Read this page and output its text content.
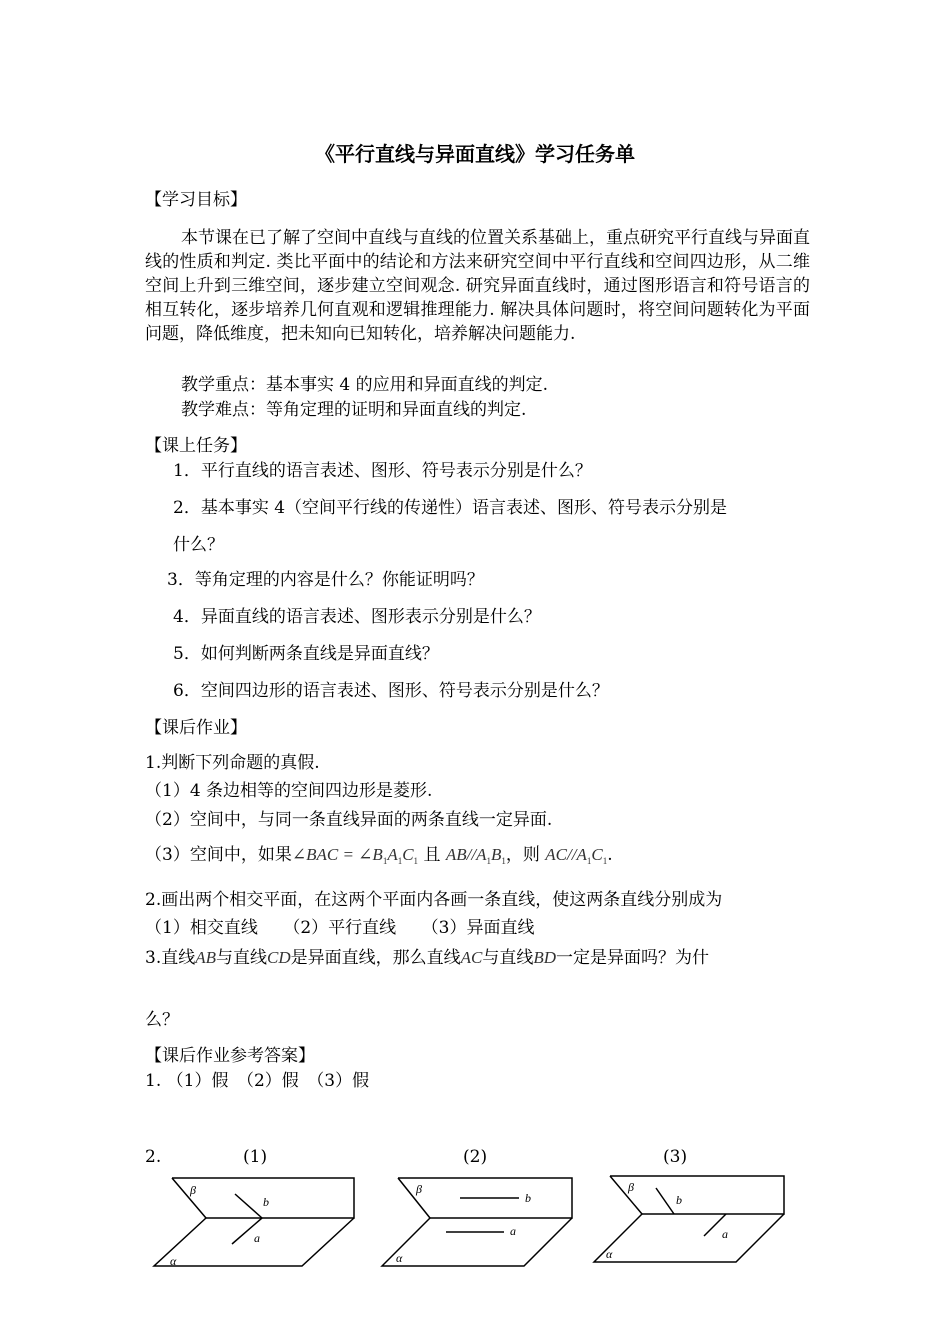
《平行直线与异面直线》学习任务单
【学习目标】
本节课在已了解了空间中直线与直线的位置关系基础上，重点研究平行直线与异面直线的性质和判定. 类比平面中的结论和方法来研究空间中平行直线和空间四边形，从二维空间上升到三维空间，逐步建立空间观念. 研究异面直线时，通过图形语言和符号语言的相互转化，逐步培养几何直观和逻辑推理能力. 解决具体问题时，将空间问题转化为平面问题，降低维度，把未知向已知转化，培养解决问题能力.
教学重点：基本事实 4 的应用和异面直线的判定.
教学难点：等角定理的证明和异面直线的判定.
【课上任务】
1．平行直线的语言表述、图形、符号表示分别是什么？
2．基本事实 4（空间平行线的传递性）语言表述、图形、符号表示分别是
什么？
3．等角定理的内容是什么？你能证明吗？
4．异面直线的语言表述、图形表示分别是什么？
5．如何判断两条直线是异面直线？
6．空间四边形的语言表述、图形、符号表示分别是什么？
【课后作业】
1.判断下列命题的真假.
（1）4 条边相等的空间四边形是菱形.
（2）空间中，与同一条直线异面的两条直线一定异面.
（3）空间中，如果∠BAC = $\angle B_1A_1C_1$ 且 $AB//A_1B_1$，则 $AC//A_1C_1$.
2.画出两个相交平面，在这两个平面内各画一条直线，使这两条直线分别成为
（1）相交直线　　（2）平行直线　　（3）异面直线
3.直线AB与直线CD是异面直线，那么直线AC与直线BD一定是异面吗？为什
么？
【课后作业参考答案】
1. （1）假　（2）假　（3）假
2.	(1)	(2)	(3)
β
b
a
α
β
b
a
α
β
b
a
α
